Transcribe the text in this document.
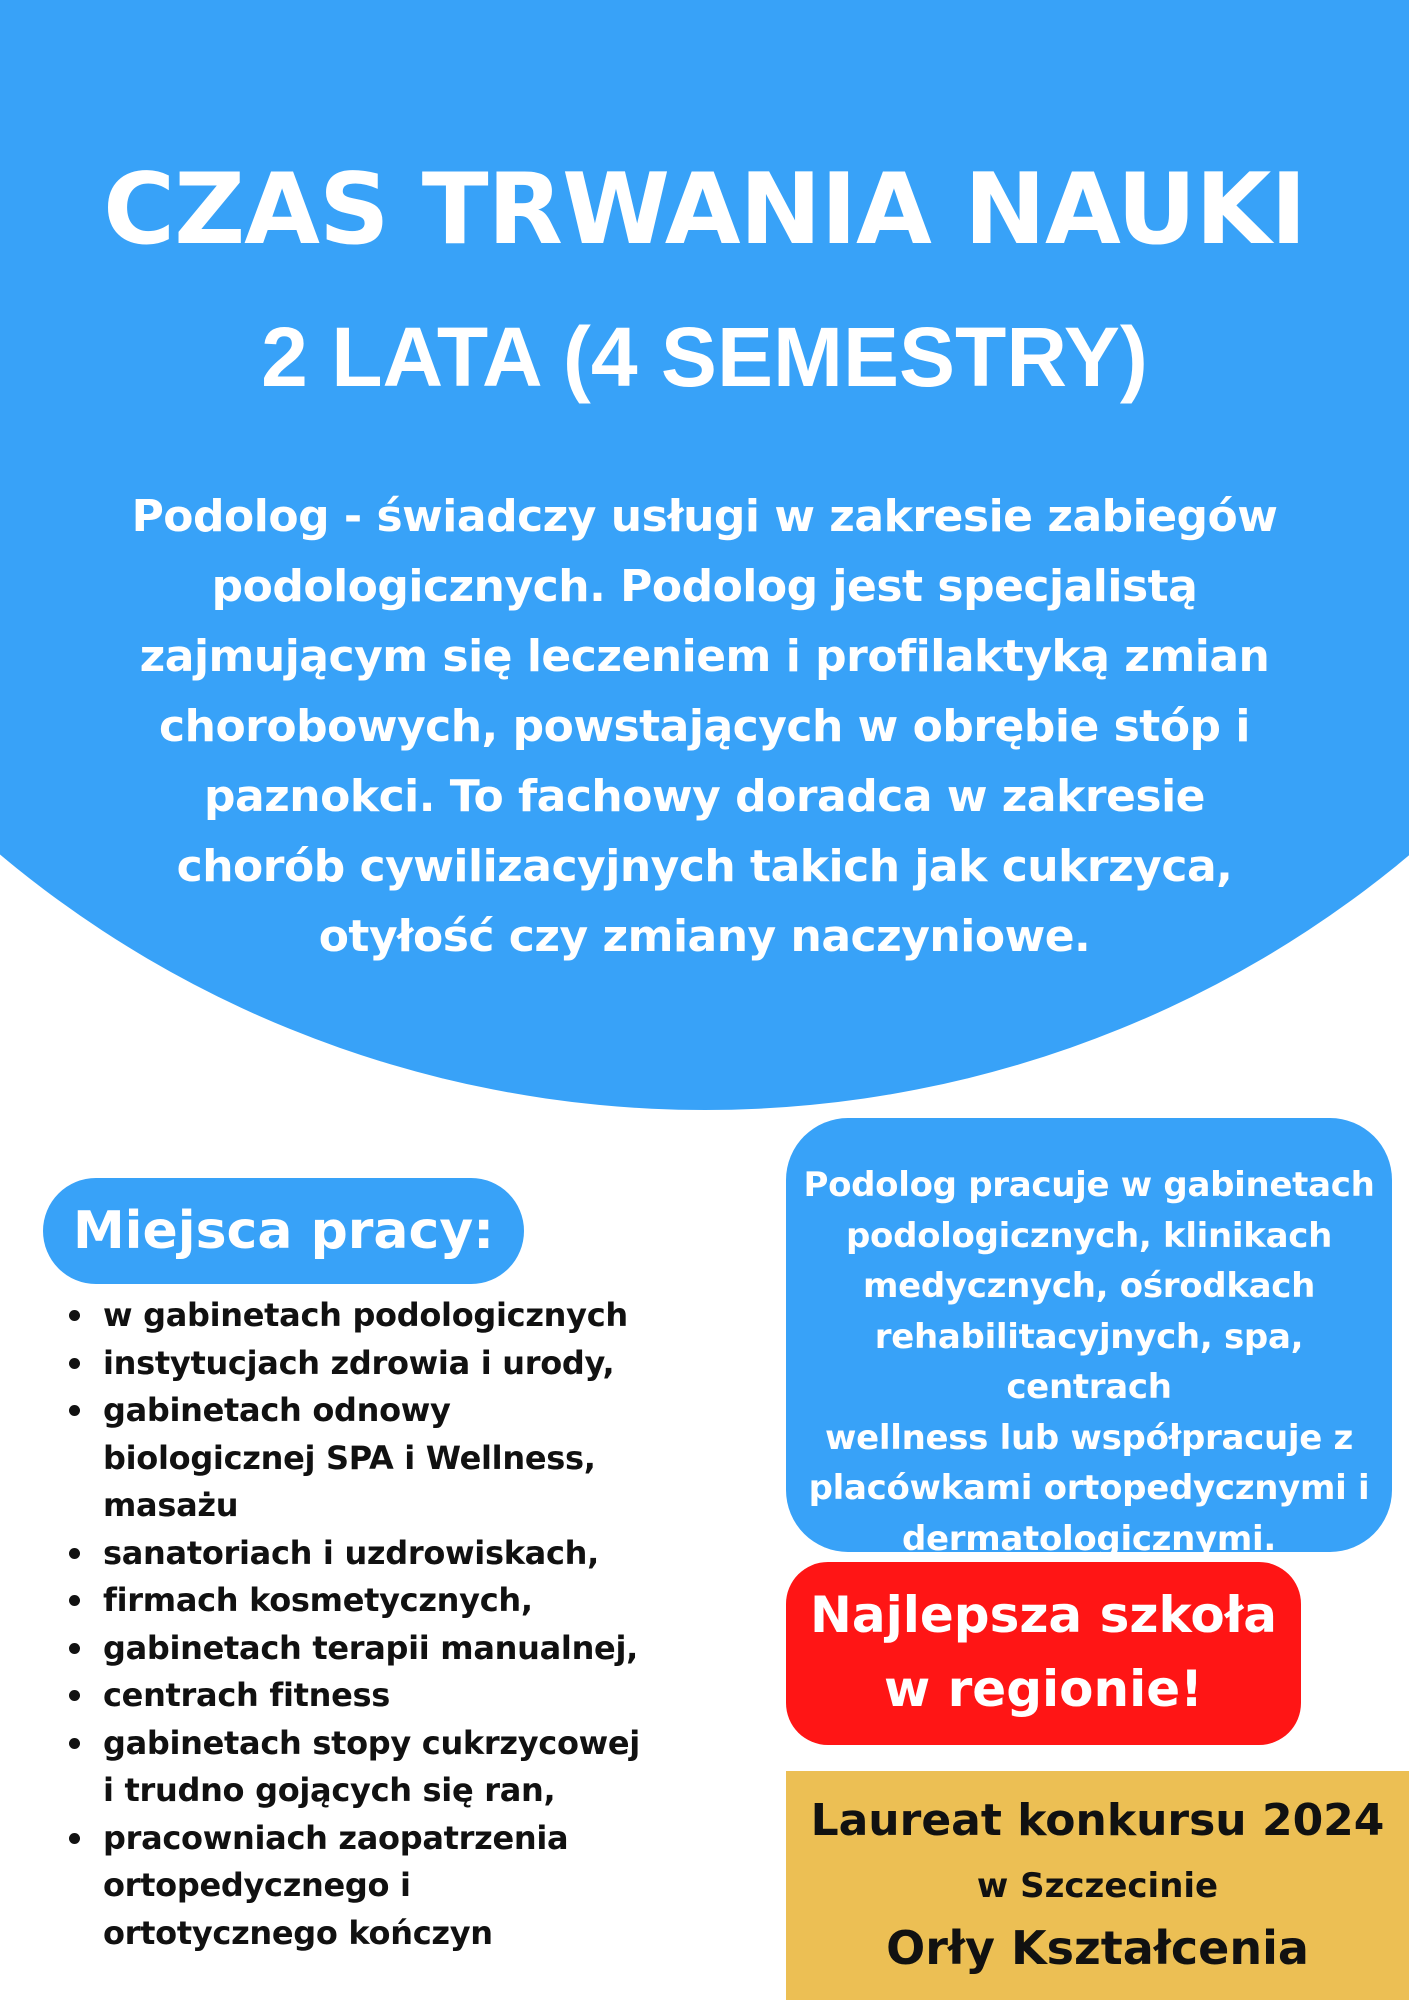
CZAS TRWANIA NAUKI
2 LATA (4 SEMESTRY)
Podolog - świadczy usługi w zakresie zabiegów
podologicznych. Podolog jest specjalistą
zajmującym się leczeniem i profilaktyką zmian
chorobowych, powstających w obrębie stóp i
paznokci. To fachowy doradca w zakresie
chorób cywilizacyjnych takich jak cukrzyca,
otyłość czy zmiany naczyniowe.
Miejsca pracy:
w gabinetach podologicznych
instytucjach zdrowia i urody,
gabinetach odnowy
biologicznej SPA i Wellness,
masażu
sanatoriach i uzdrowiskach,
firmach kosmetycznych,
gabinetach terapii manualnej,
centrach fitness
gabinetach stopy cukrzycowej
i trudno gojących się ran,
pracowniach zaopatrzenia
ortopedycznego i
ortotycznego kończyn
Podolog pracuje w gabinetach
podologicznych, klinikach
medycznych, ośrodkach
rehabilitacyjnych, spa, centrach
wellness lub współpracuje z
placówkami ortopedycznymi i
dermatologicznymi.
Najlepsza szkoła
w regionie!
Laureat konkursu 2024
w Szczecinie
Orły Kształcenia
